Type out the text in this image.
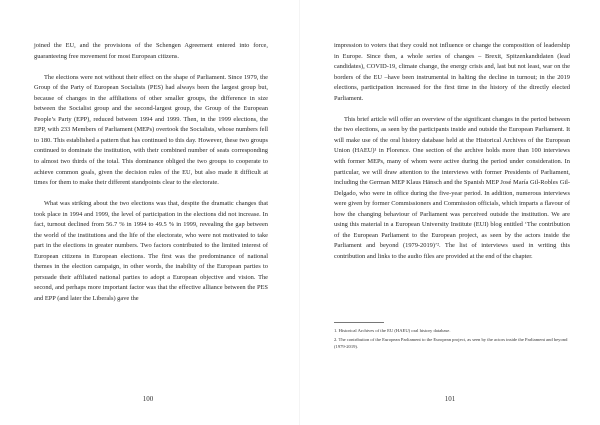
joined the EU, and the provisions of the Schengen Agreement entered into force, guaranteeing free movement for most European citizens.

The elections were not without their effect on the shape of Parliament. Since 1979, the Group of the Party of European Socialists (PES) had always been the largest group but, because of changes in the affiliations of other smaller groups, the difference in size between the Socialist group and the second-largest group, the Group of the European People’s Party (EPP), reduced between 1994 and 1999. Then, in the 1999 elections, the EPP, with 233 Members of Parliament (MEPs) overtook the Socialists, whose numbers fell to 180. This established a pattern that has continued to this day. However, these two groups continued to dominate the institution, with their combined number of seats corresponding to almost two thirds of the total. This dominance obliged the two groups to cooperate to achieve common goals, given the decision rules of the EU, but also made it difficult at times for them to make their different standpoints clear to the electorate.

What was striking about the two elections was that, despite the dramatic changes that took place in 1994 and 1999, the level of participation in the elections did not increase. In fact, turnout declined from 56.7 % in 1994 to 49.5 % in 1999, revealing the gap between the world of the institutions and the life of the electorate, who were not motivated to take part in the elections in greater numbers. Two factors contributed to the limited interest of European citizens in European elections. The first was the predominance of national themes in the election campaign, in other words, the inability of the European parties to persuade their affiliated national parties to adopt a European objective and vision. The second, and perhaps more important factor was that the effective alliance between the PES and EPP (and later the Liberals) gave the

100

impression to voters that they could not influence or change the composition of leadership in Europe. Since then, a whole series of changes – Brexit, Spitzenkandidaten (lead candidates), COVID-19, climate change, the energy crisis and, last but not least, war on the borders of the EU –have been instrumental in halting the decline in turnout; in the 2019 elections, participation increased for the first time in the history of the directly elected Parliament.

This brief article will offer an overview of the significant changes in the period between the two elections, as seen by the participants inside and outside the European Parliament. It will make use of the oral history database held at the Historical Archives of the European Union (HAEU)¹ in Florence. One section of the archive holds more than 100 interviews with former MEPs, many of whom were active during the period under consideration. In particular, we will draw attention to the interviews with former Presidents of Parliament, including the German MEP Klaus Hänsch and the Spanish MEP José María Gil-Robles Gil-Delgado, who were in office during the five-year period. In addition, numerous interviews were given by former Commissioners and Commission officials, which imparts a flavour of how the changing behaviour of Parliament was perceived outside the institution. We are using this material in a European University Institute (EUI) blog entitled ‘The contribution of the European Parliament to the European project, as seen by the actors inside the Parliament and beyond (1979-2019)’². The list of interviews used in writing this contribution and links to the audio files are provided at the end of the chapter.

1. Historical Archives of the EU (HAEU) oral history database.

2. The contribution of the European Parliament to the European project, as seen by the actors inside the Parliament and beyond (1979-2019).

101
